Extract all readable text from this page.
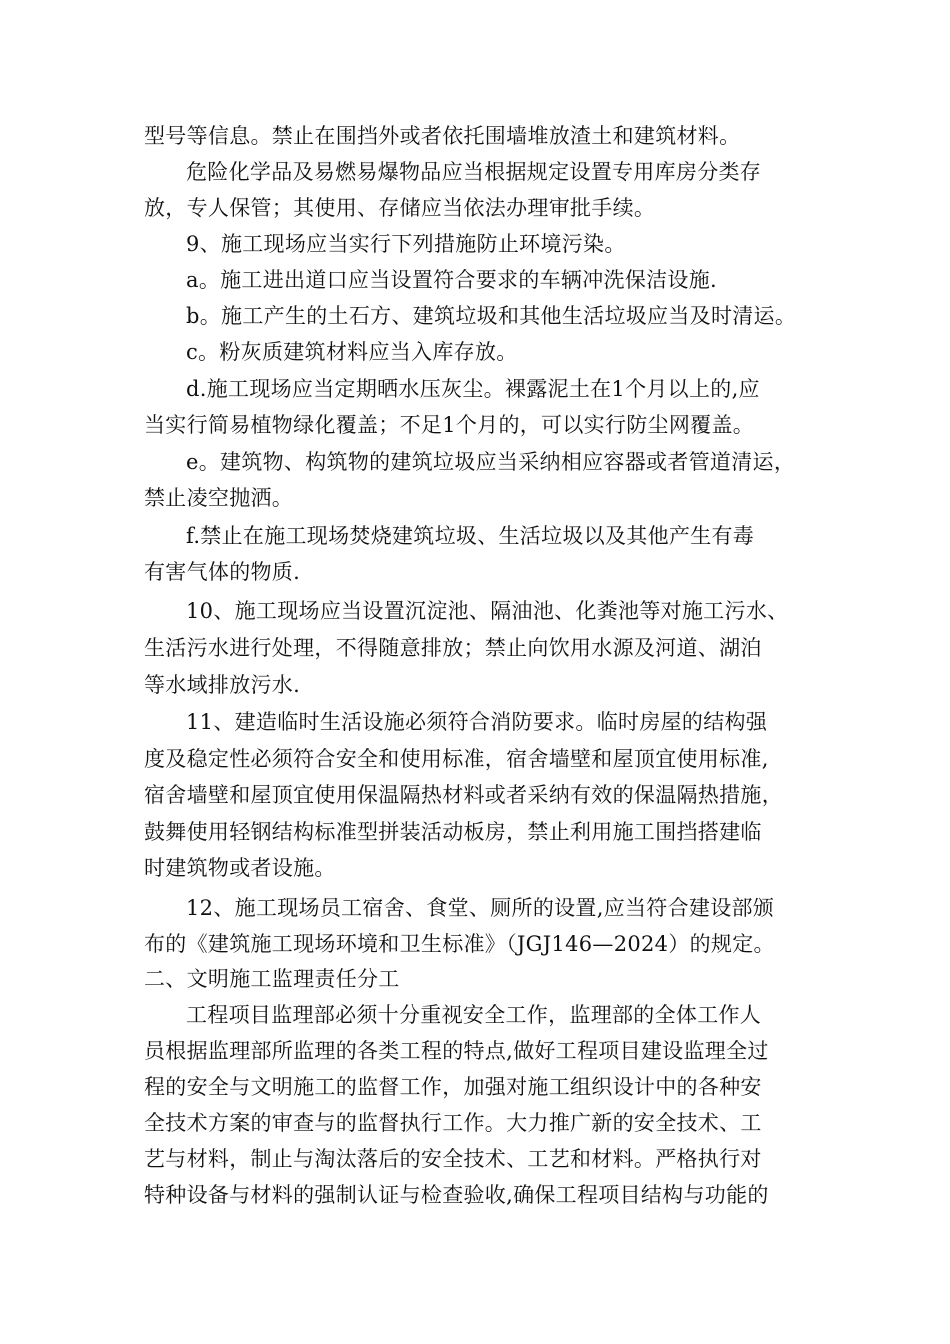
型号等信息。禁止在围挡外或者依托围墙堆放渣土和建筑材料。
危险化学品及易燃易爆物品应当根据规定设置专用库房分类存
放，专人保管；其使用、存储应当依法办理审批手续。
9、施工现场应当实行下列措施防止环境污染。
a。施工进出道口应当设置符合要求的车辆冲洗保洁设施.
b。施工产生的土石方、建筑垃圾和其他生活垃圾应当及时清运。
c。粉灰质建筑材料应当入库存放。
d.施工现场应当定期晒水压灰尘。裸露泥土在1个月以上的,应
当实行简易植物绿化覆盖；不足1个月的，可以实行防尘网覆盖。
e。建筑物、构筑物的建筑垃圾应当采纳相应容器或者管道清运，
禁止凌空抛洒。
f.禁止在施工现场焚烧建筑垃圾、生活垃圾以及其他产生有毒
有害气体的物质.
10、施工现场应当设置沉淀池、隔油池、化粪池等对施工污水、
生活污水进行处理，不得随意排放；禁止向饮用水源及河道、湖泊
等水域排放污水.
11、建造临时生活设施必须符合消防要求。临时房屋的结构强
度及稳定性必须符合安全和使用标准，宿舍墙壁和屋顶宜使用标准,
宿舍墙壁和屋顶宜使用保温隔热材料或者采纳有效的保温隔热措施，
鼓舞使用轻钢结构标准型拼装活动板房，禁止利用施工围挡搭建临
时建筑物或者设施。
12、施工现场员工宿舍、食堂、厕所的设置,应当符合建设部颁
布的《建筑施工现场环境和卫生标准》（JGJ146—2024）的规定。
二、文明施工监理责任分工
工程项目监理部必须十分重视安全工作，监理部的全体工作人
员根据监理部所监理的各类工程的特点,做好工程项目建设监理全过
程的安全与文明施工的监督工作，加强对施工组织设计中的各种安
全技术方案的审查与的监督执行工作。大力推广新的安全技术、工
艺与材料，制止与淘汰落后的安全技术、工艺和材料。严格执行对
特种设备与材料的强制认证与检查验收,确保工程项目结构与功能的
